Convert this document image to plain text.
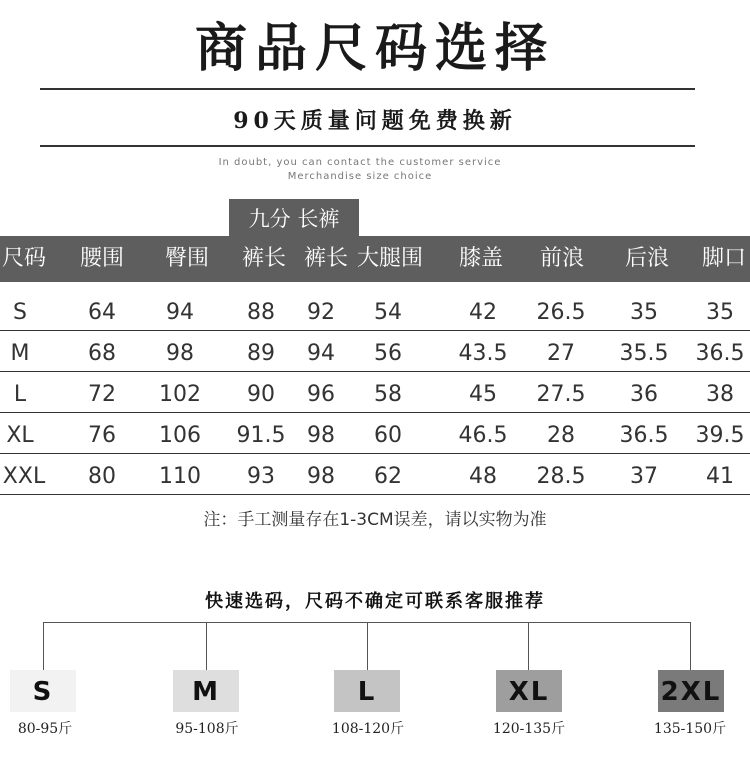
商品尺码选择
90天质量问题免费换新
In doubt, you can contact the customer service
Merchandise size choice
九分 长裤
尺码	腰围	臀围	裤长 裤长 大腿围	膝盖	前浪	后浪	脚口
S	64	94	88	92	54	42	26.5	35	35
M	68	98	89	94	56	43.5	27	35.5 36.5
L	72	102	90	96	58	45	27.5	36	38
XL	76	106	91.5 98	60	46.5	28	36.5 39.5
XXL	80	110	93	98	62	48	28.5	37	41
注：手工测量存在1-3CM误差，请以实物为准
快速选码，尺码不确定可联系客服推荐
S	M	L	XL	2XL
80-95斤	95-108斤	108-120斤	120-135斤	135-150斤
